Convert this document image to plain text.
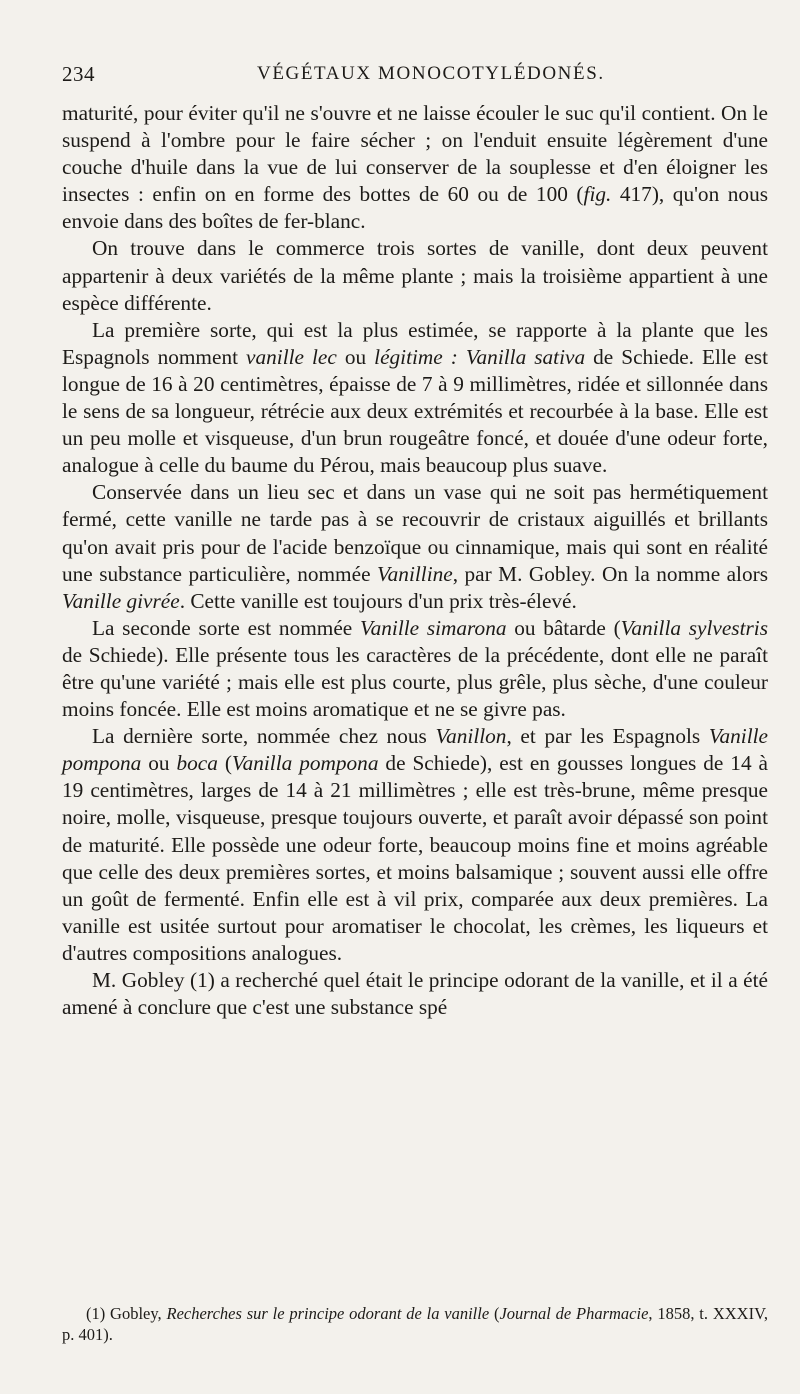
234	VÉGÉTAUX MONOCOTYLÉDONÉS.

maturité, pour éviter qu'il ne s'ouvre et ne laisse écouler le suc qu'il contient. On le suspend à l'ombre pour le faire sécher ; on l'enduit ensuite légèrement d'une couche d'huile dans la vue de lui conserver de la souplesse et d'en éloigner les insectes : enfin on en forme des bottes de 60 ou de 100 (fig. 417), qu'on nous envoie dans des boîtes de fer-blanc.

On trouve dans le commerce trois sortes de vanille, dont deux peuvent appartenir à deux variétés de la même plante ; mais la troisième appartient à une espèce différente.

La première sorte, qui est la plus estimée, se rapporte à la plante que les Espagnols nomment vanille lec ou légitime : Vanilla sativa de Schiede. Elle est longue de 16 à 20 centimètres, épaisse de 7 à 9 millimètres, ridée et sillonnée dans le sens de sa longueur, rétrécie aux deux extrémités et recourbée à la base. Elle est un peu molle et visqueuse, d'un brun rougeâtre foncé, et douée d'une odeur forte, analogue à celle du baume du Pérou, mais beaucoup plus suave.

Conservée dans un lieu sec et dans un vase qui ne soit pas hermétiquement fermé, cette vanille ne tarde pas à se recouvrir de cristaux aiguillés et brillants qu'on avait pris pour de l'acide benzoïque ou cinnamique, mais qui sont en réalité une substance particulière, nommée Vanilline, par M. Gobley. On la nomme alors Vanille givrée. Cette vanille est toujours d'un prix très-élevé.

La seconde sorte est nommée Vanille simarona ou bâtarde (Vanilla sylvestris de Schiede). Elle présente tous les caractères de la précédente, dont elle ne paraît être qu'une variété ; mais elle est plus courte, plus grêle, plus sèche, d'une couleur moins foncée. Elle est moins aromatique et ne se givre pas.

La dernière sorte, nommée chez nous Vanillon, et par les Espagnols Vanille pompona ou boca (Vanilla pompona de Schiede), est en gousses longues de 14 à 19 centimètres, larges de 14 à 21 millimètres ; elle est très-brune, même presque noire, molle, visqueuse, presque toujours ouverte, et paraît avoir dépassé son point de maturité. Elle possède une odeur forte, beaucoup moins fine et moins agréable que celle des deux premières sortes, et moins balsamique ; souvent aussi elle offre un goût de fermenté. Enfin elle est à vil prix, comparée aux deux premières. La vanille est usitée surtout pour aromatiser le chocolat, les crèmes, les liqueurs et d'autres compositions analogues.

M. Gobley (1) a recherché quel était le principe odorant de la vanille, et il a été amené à conclure que c'est une substance spé

(1) Gobley, Recherches sur le principe odorant de la vanille (Journal de Pharmacie, 1858, t. XXXIV, p. 401).
